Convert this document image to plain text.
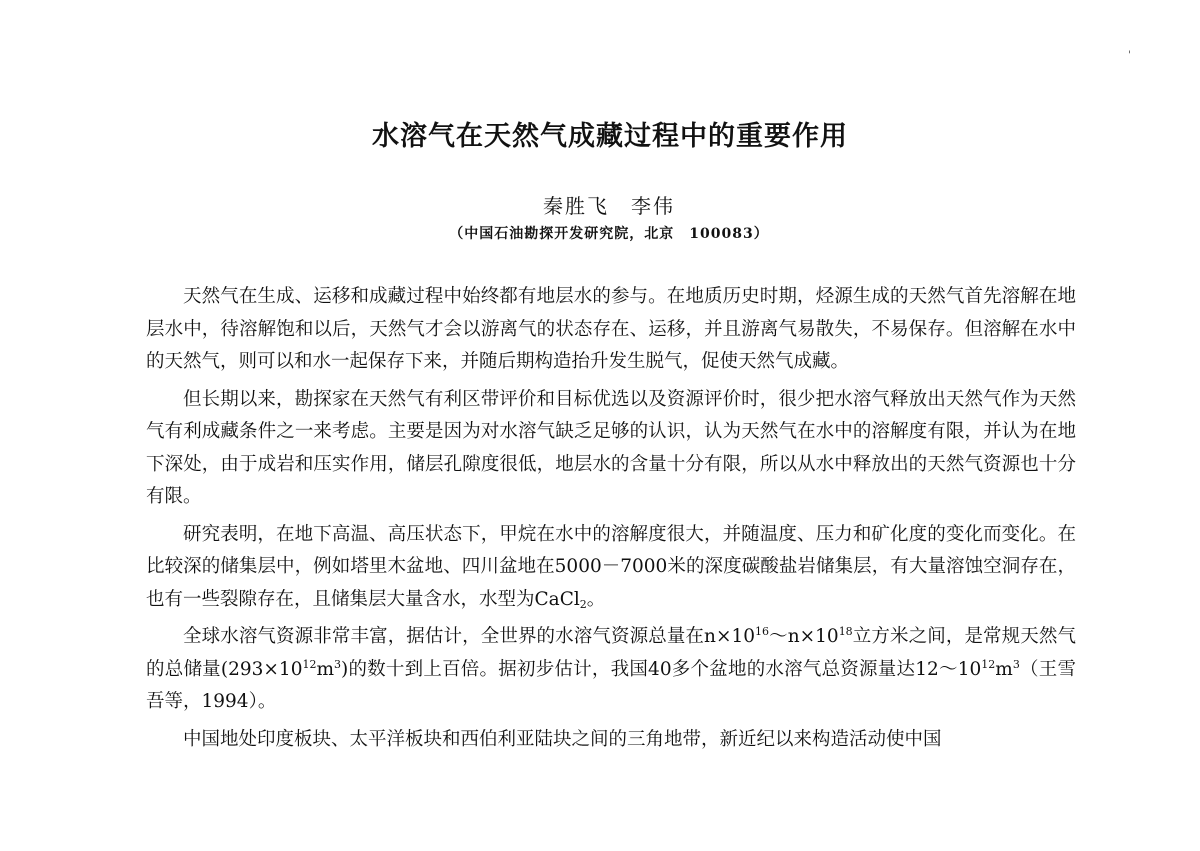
'
水溶气在天然气成藏过程中的重要作用
秦胜飞 李伟
（中国石油勘探开发研究院，北京　100083）

天然气在生成、运移和成藏过程中始终都有地层水的参与。在地质历史时期，烃源生成的天然气首先溶解在地层水中，待溶解饱和以后，天然气才会以游离气的状态存在、运移，并且游离气易散失，不易保存。但溶解在水中的天然气，则可以和水一起保存下来，并随后期构造抬升发生脱气，促使天然气成藏。

但长期以来，勘探家在天然气有利区带评价和目标优选以及资源评价时，很少把水溶气释放出天然气作为天然气有利成藏条件之一来考虑。主要是因为对水溶气缺乏足够的认识，认为天然气在水中的溶解度有限，并认为在地下深处，由于成岩和压实作用，储层孔隙度很低，地层水的含量十分有限，所以从水中释放出的天然气资源也十分有限。

研究表明，在地下高温、高压状态下，甲烷在水中的溶解度很大，并随温度、压力和矿化度的变化而变化。在比较深的储集层中，例如塔里木盆地、四川盆地在5000－7000米的深度碳酸盐岩储集层，有大量溶蚀空洞存在，也有一些裂隙存在，且储集层大量含水，水型为CaCl$_2$。

全球水溶气资源非常丰富，据估计，全世界的水溶气资源总量在$n\times 10^{16}\sim n\times 10^{18}$立方米之间，是常规天然气的总储量$(293\times 10^{12}m^3)$的数十到上百倍。据初步估计，我国40多个盆地的水溶气总资源量达$12\sim 10^{12}m^3$（王雪吾等，1994）。

中国地处印度板块、太平洋板块和西伯利亚陆块之间的三角地带，新近纪以来构造活动使中国
